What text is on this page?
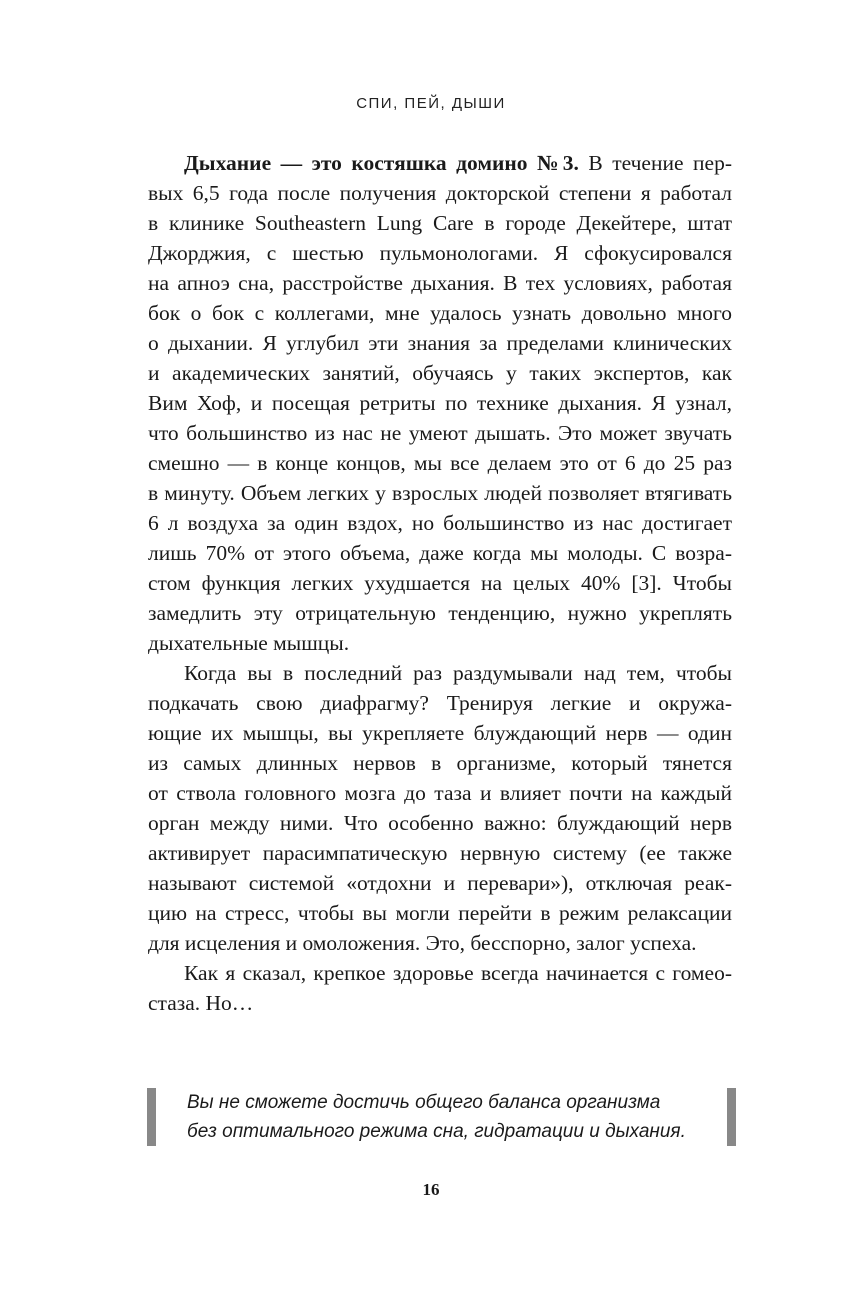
СПИ, ПЕЙ, ДЫШИ
Дыхание — это костяшка домино №3. В течение пер-
вых 6,5 года после получения докторской степени я работал
в клинике Southeastern Lung Care в городе Декейтере, штат
Джорджия, с шестью пульмонологами. Я сфокусировался
на апноэ сна, расстройстве дыхания. В тех условиях, работая
бок о бок с коллегами, мне удалось узнать довольно много
о дыхании. Я углубил эти знания за пределами клинических
и академических занятий, обучаясь у таких экспертов, как
Вим Хоф, и посещая ретриты по технике дыхания. Я узнал,
что большинство из нас не умеют дышать. Это может звучать
смешно — в конце концов, мы все делаем это от 6 до 25 раз
в минуту. Объем легких у взрослых людей позволяет втягивать
6 л воздуха за один вздох, но большинство из нас достигает
лишь 70% от этого объема, даже когда мы молоды. С возра-
стом функция легких ухудшается на целых 40% [3]. Чтобы
замедлить эту отрицательную тенденцию, нужно укреплять
дыхательные мышцы.
Когда вы в последний раз раздумывали над тем, чтобы
подкачать свою диафрагму? Тренируя легкие и окружа-
ющие их мышцы, вы укрепляете блуждающий нерв — один
из самых длинных нервов в организме, который тянется
от ствола головного мозга до таза и влияет почти на каждый
орган между ними. Что особенно важно: блуждающий нерв
активирует парасимпатическую нервную систему (ее также
называют системой «отдохни и перевари»), отключая реак-
цию на стресс, чтобы вы могли перейти в режим релаксации
для исцеления и омоложения. Это, бесспорно, залог успеха.
Как я сказал, крепкое здоровье всегда начинается с гомео-
стаза. Но…
Вы не сможете достичь общего баланса организма
без оптимального режима сна, гидратации и дыхания.
16
